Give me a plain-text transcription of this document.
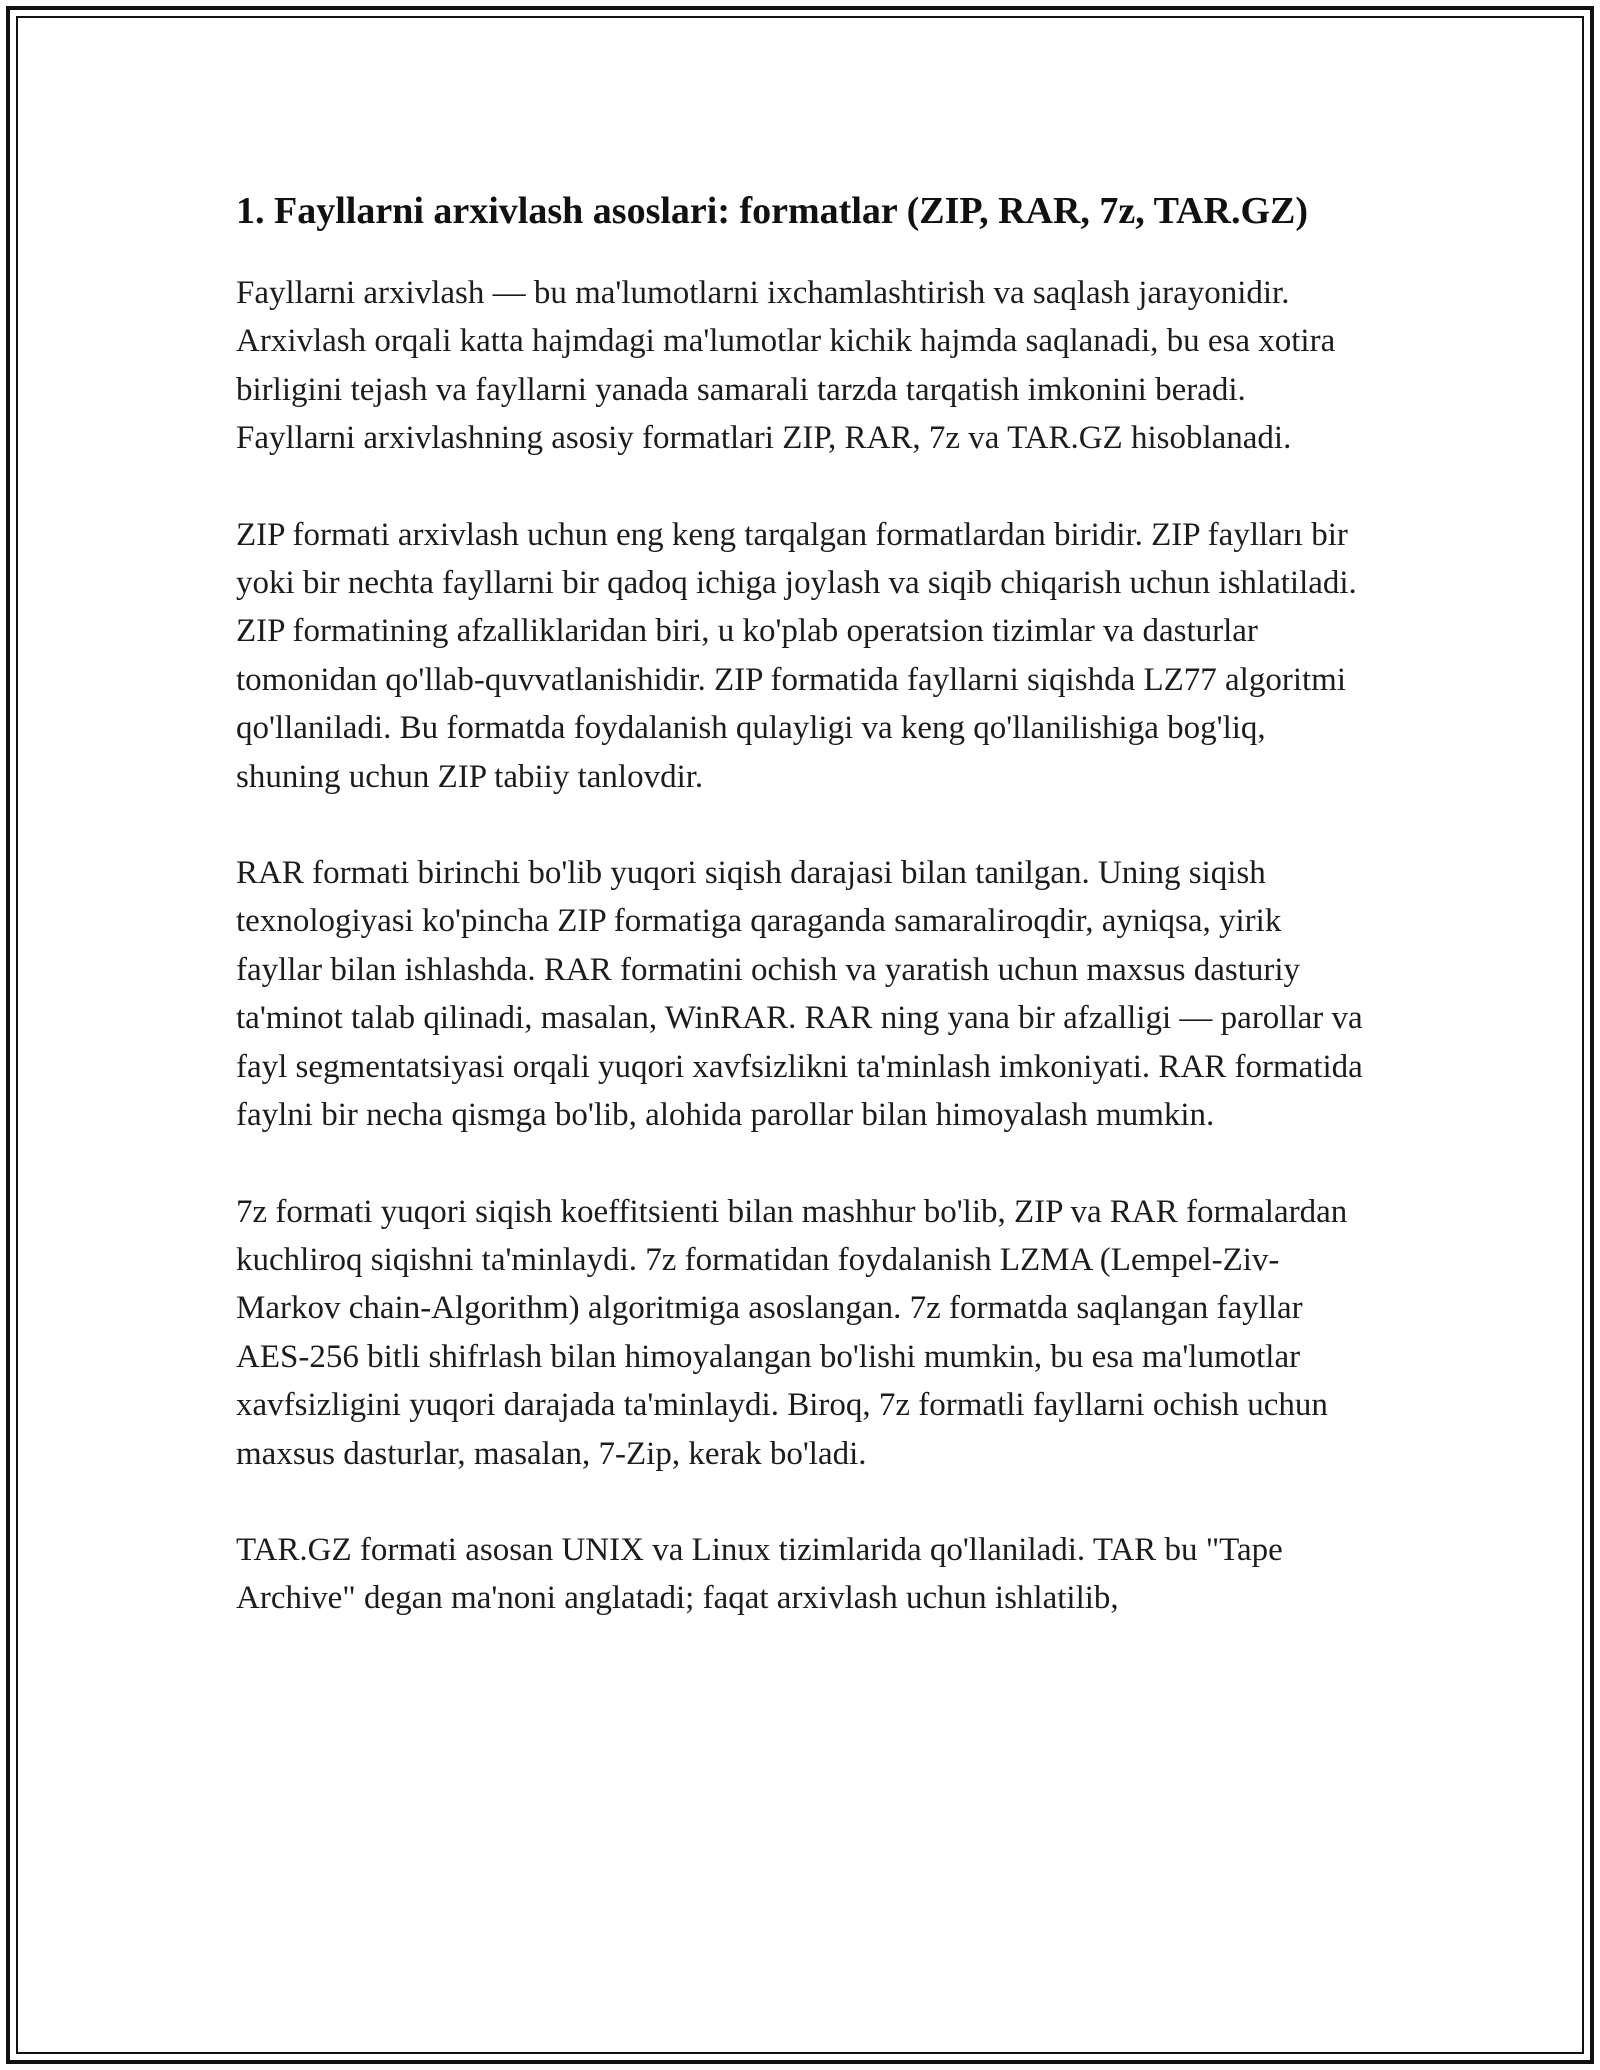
1. Fayllarni arxivlash asoslari: formatlar (ZIP, RAR, 7z, TAR.GZ)

Fayllarni arxivlash — bu ma'lumotlarni ixchamlashtirish va saqlash jarayonidir. Arxivlash orqali katta hajmdagi ma'lumotlar kichik hajmda saqlanadi, bu esa xotira birligini tejash va fayllarni yanada samarali tarzda tarqatish imkonini beradi. Fayllarni arxivlashning asosiy formatlari ZIP, RAR, 7z va TAR.GZ hisoblanadi.

ZIP formati arxivlash uchun eng keng tarqalgan formatlardan biridir. ZIP faylları bir yoki bir nechta fayllarni bir qadoq ichiga joylash va siqib chiqarish uchun ishlatiladi. ZIP formatining afzalliklaridan biri, u ko'plab operatsion tizimlar va dasturlar tomonidan qo'llab-quvvatlanishidir. ZIP formatida fayllarni siqishda LZ77 algoritmi qo'llaniladi. Bu formatda foydalanish qulayligi va keng qo'llanilishiga bog'liq, shuning uchun ZIP tabiiy tanlovdir.

RAR formati birinchi bo'lib yuqori siqish darajasi bilan tanilgan. Uning siqish texnologiyasi ko'pincha ZIP formatiga qaraganda samaraliroqdir, ayniqsa, yirik fayllar bilan ishlashda. RAR formatini ochish va yaratish uchun maxsus dasturiy ta'minot talab qilinadi, masalan, WinRAR. RAR ning yana bir afzalligi — parollar va fayl segmentatsiyasi orqali yuqori xavfsizlikni ta'minlash imkoniyati. RAR formatida faylni bir necha qismga bo'lib, alohida parollar bilan himoyalash mumkin.

7z formati yuqori siqish koeffitsienti bilan mashhur bo'lib, ZIP va RAR formalardan kuchliroq siqishni ta'minlaydi. 7z formatidan foydalanish LZMA (Lempel-Ziv-Markov chain-Algorithm) algoritmiga asoslangan. 7z formatda saqlangan fayllar AES-256 bitli shifrlash bilan himoyalangan bo'lishi mumkin, bu esa ma'lumotlar xavfsizligini yuqori darajada ta'minlaydi. Biroq, 7z formatli fayllarni ochish uchun maxsus dasturlar, masalan, 7-Zip, kerak bo'ladi.

TAR.GZ formati asosan UNIX va Linux tizimlarida qo'llaniladi. TAR bu "Tape Archive" degan ma'noni anglatadi; faqat arxivlash uchun ishlatilib,
